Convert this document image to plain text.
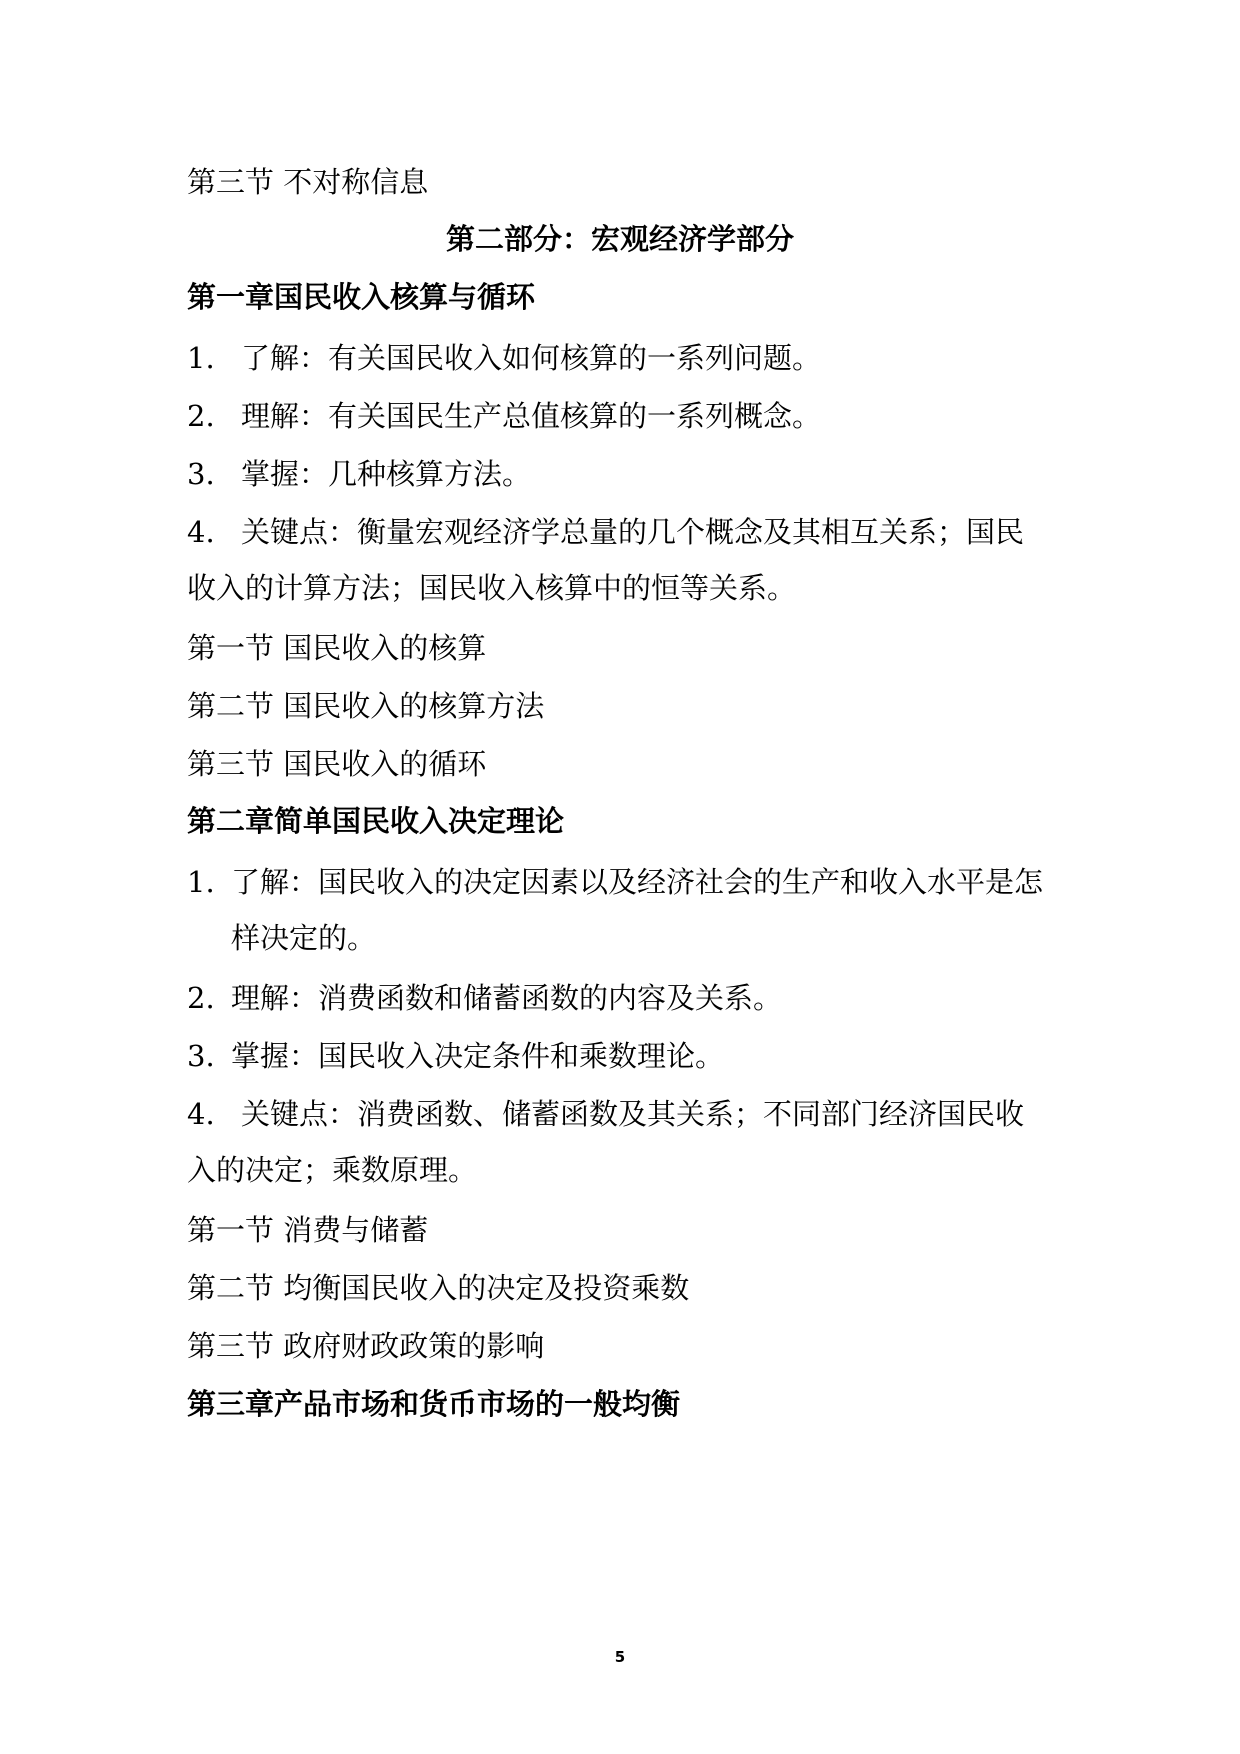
第三节 不对称信息
第二部分：宏观经济学部分
第一章国民收入核算与循环
1. 了解：有关国民收入如何核算的一系列问题。
2. 理解：有关国民生产总值核算的一系列概念。
3. 掌握：几种核算方法。
4. 关键点：衡量宏观经济学总量的几个概念及其相互关系；国民
收入的计算方法；国民收入核算中的恒等关系。
第一节 国民收入的核算
第二节 国民收入的核算方法
第三节 国民收入的循环
第二章简单国民收入决定理论
1. 了解：国民收入的决定因素以及经济社会的生产和收入水平是怎
样决定的。
2. 理解：消费函数和储蓄函数的内容及关系。
3. 掌握：国民收入决定条件和乘数理论。
4. 关键点：消费函数、储蓄函数及其关系；不同部门经济国民收
入的决定；乘数原理。
第一节 消费与储蓄
第二节 均衡国民收入的决定及投资乘数
第三节 政府财政政策的影响
第三章产品市场和货币市场的一般均衡
5
